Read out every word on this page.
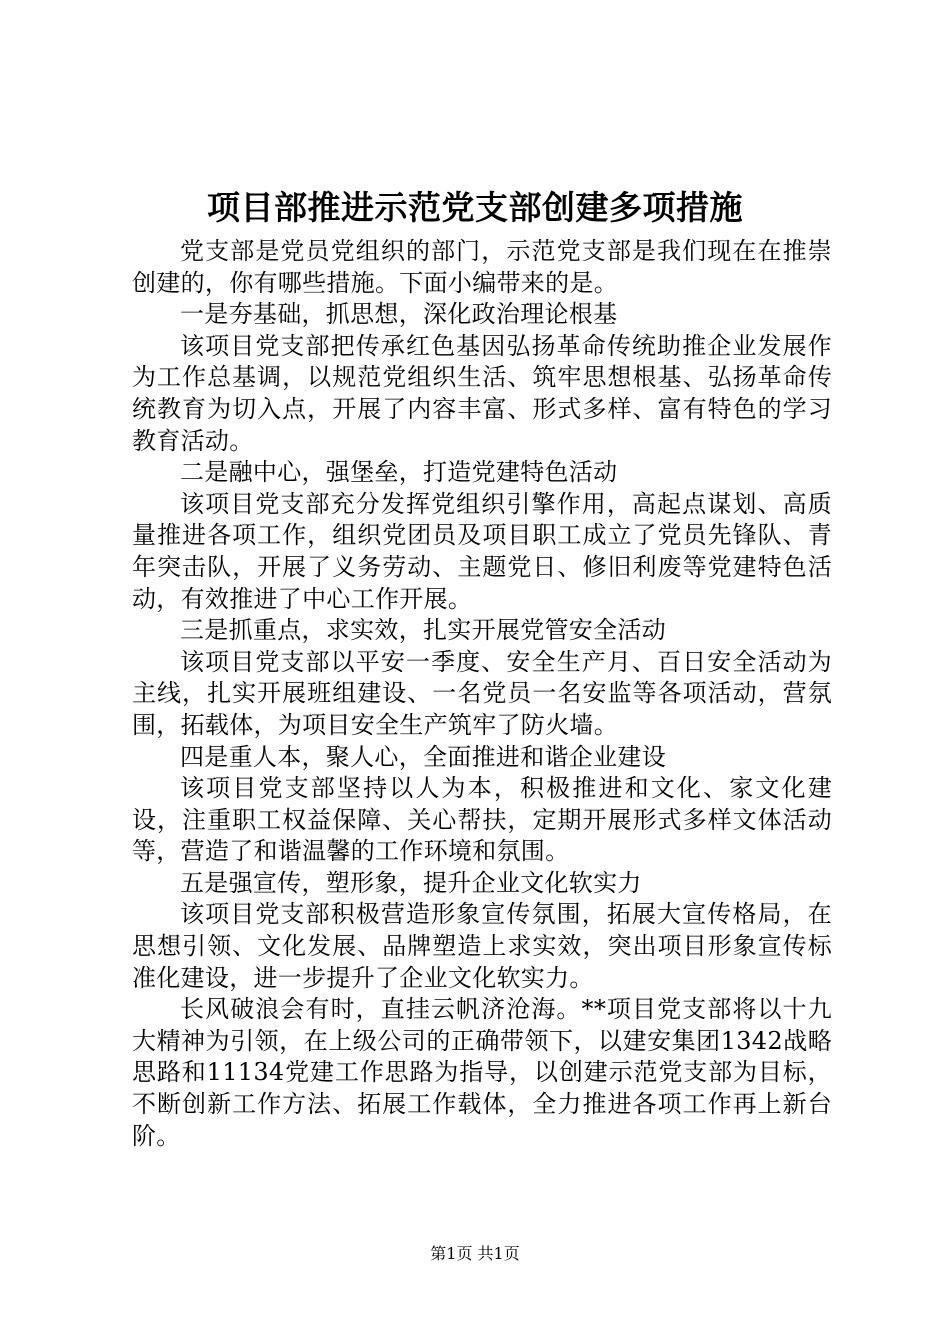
项目部推进示范党支部创建多项措施

党支部是党员党组织的部门，示范党支部是我们现在在推崇创建的，你有哪些措施。下面小编带来的是。

一是夯基础，抓思想，深化政治理论根基

该项目党支部把传承红色基因弘扬革命传统助推企业发展作为工作总基调，以规范党组织生活、筑牢思想根基、弘扬革命传统教育为切入点，开展了内容丰富、形式多样、富有特色的学习教育活动。

二是融中心，强堡垒，打造党建特色活动

该项目党支部充分发挥党组织引擎作用，高起点谋划、高质量推进各项工作，组织党团员及项目职工成立了党员先锋队、青年突击队，开展了义务劳动、主题党日、修旧利废等党建特色活动，有效推进了中心工作开展。

三是抓重点，求实效，扎实开展党管安全活动

该项目党支部以平安一季度、安全生产月、百日安全活动为主线，扎实开展班组建设、一名党员一名安监等各项活动，营氛围，拓载体，为项目安全生产筑牢了防火墙。

四是重人本，聚人心，全面推进和谐企业建设

该项目党支部坚持以人为本，积极推进和文化、家文化建设，注重职工权益保障、关心帮扶，定期开展形式多样文体活动等，营造了和谐温馨的工作环境和氛围。

五是强宣传，塑形象，提升企业文化软实力

该项目党支部积极营造形象宣传氛围，拓展大宣传格局，在思想引领、文化发展、品牌塑造上求实效，突出项目形象宣传标准化建设，进一步提升了企业文化软实力。

长风破浪会有时，直挂云帆济沧海。**项目党支部将以十九大精神为引领，在上级公司的正确带领下，以建安集团1342战略思路和11134党建工作思路为指导，以创建示范党支部为目标，不断创新工作方法、拓展工作载体，全力推进各项工作再上新台阶。

第1页 共1页
